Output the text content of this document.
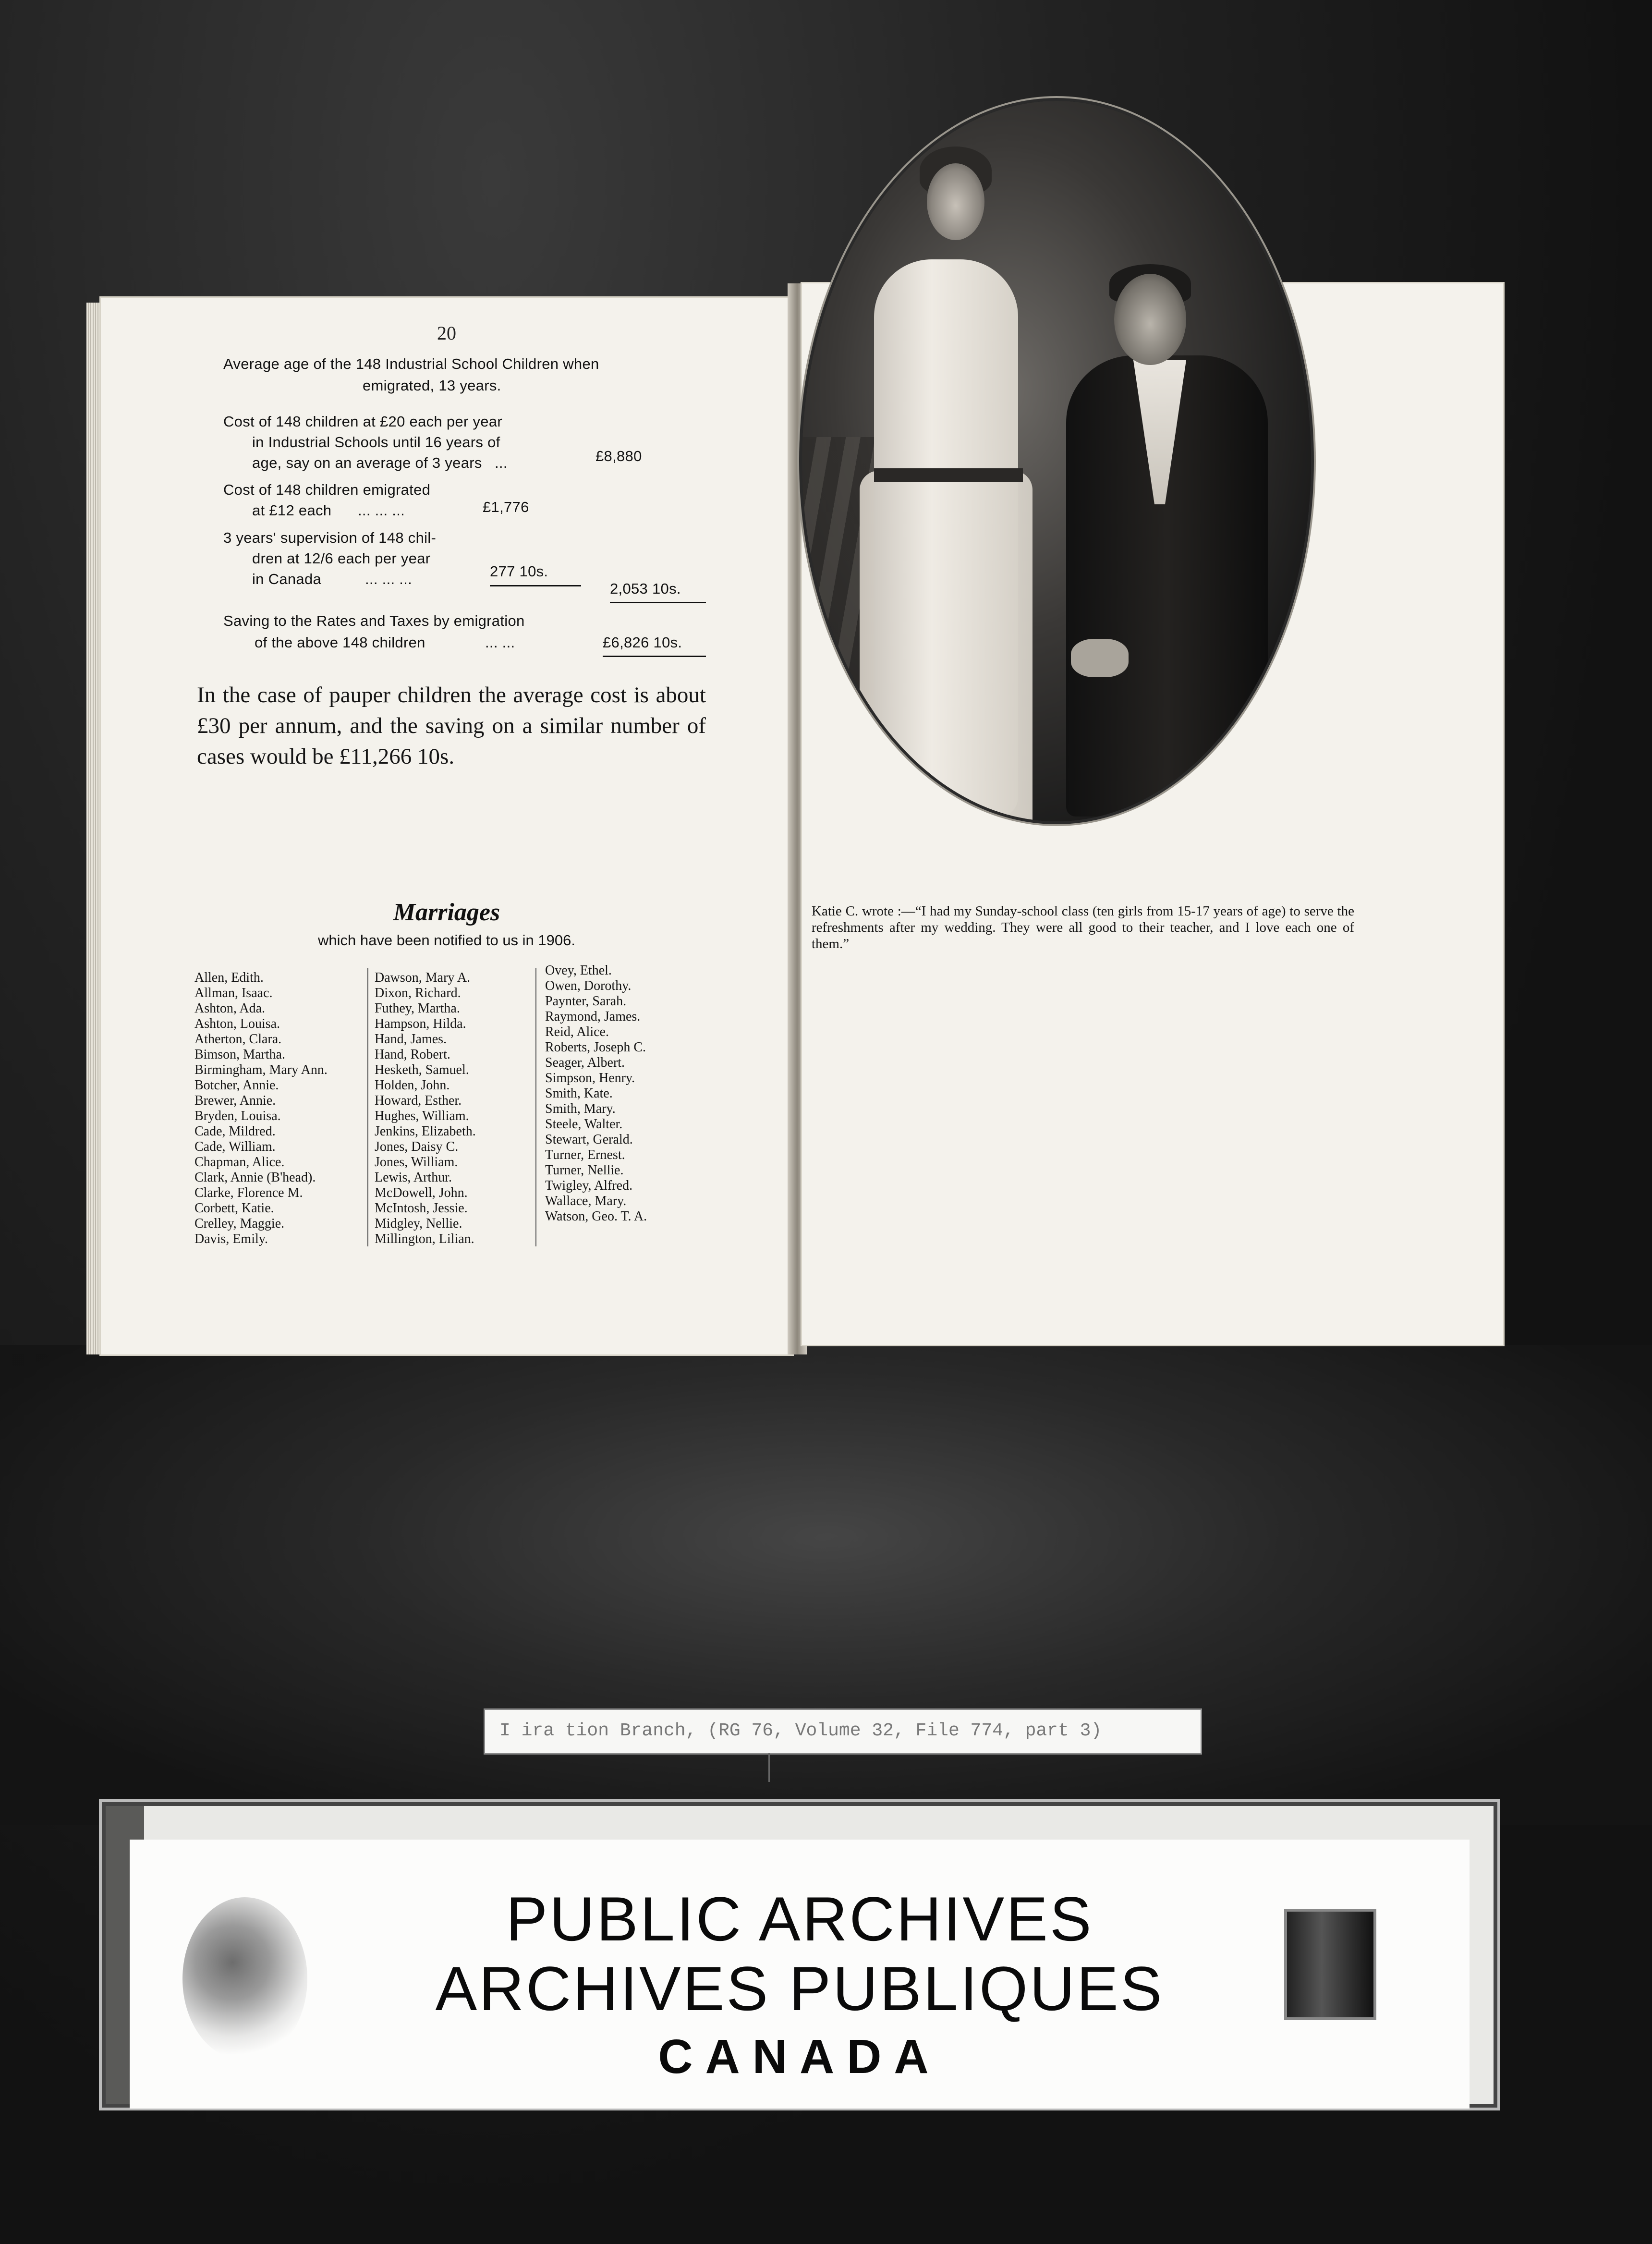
20
Average age of the 148 Industrial School Children when
emigrated, 13 years.
Cost of 148 children at £20 each per year
in Industrial Schools until 16 years of
age, say on an average of 3 years ...	£8,880
Cost of 148 children emigrated
at £12 each ... ... ...	£1,776
3 years' supervision of 148 chil-
dren at 12/6 each per year
in Canada	... ... ...	277 10s.
2,053 10s.
Saving to the Rates and Taxes by emigration
of the above 148 children	... ...	£6,826 10s.
In the case of pauper children the average cost is about £30 per annum, and the saving on a similar number of cases would be £11,266 10s.
Marriages
which have been notified to us in 1906.
Allen, Edith.
Allman, Isaac.
Ashton, Ada.
Ashton, Louisa.
Atherton, Clara.
Bimson, Martha.
Birmingham, Mary Ann.
Botcher, Annie.
Brewer, Annie.
Bryden, Louisa.
Cade, Mildred.
Cade, William.
Chapman, Alice.
Clark, Annie (B'head).
Clarke, Florence M.
Corbett, Katie.
Crelley, Maggie.
Davis, Emily.
Dawson, Mary A.
Dixon, Richard.
Futhey, Martha.
Hampson, Hilda.
Hand, James.
Hand, Robert.
Hesketh, Samuel.
Holden, John.
Howard, Esther.
Hughes, William.
Jenkins, Elizabeth.
Jones, Daisy C.
Jones, William.
Lewis, Arthur.
McDowell, John.
McIntosh, Jessie.
Midgley, Nellie.
Millington, Lilian.
Ovey, Ethel.
Owen, Dorothy.
Paynter, Sarah.
Raymond, James.
Reid, Alice.
Roberts, Joseph C.
Seager, Albert.
Simpson, Henry.
Smith, Kate.
Smith, Mary.
Steele, Walter.
Stewart, Gerald.
Turner, Ernest.
Turner, Nellie.
Twigley, Alfred.
Wallace, Mary.
Watson, Geo. T. A.
Katie C. wrote :—“I had my Sunday-school class (ten girls from 15-17 years of age) to serve the refreshments after my wedding. They were all good to their teacher, and I love each one of them.”
I ira tion Branch, (RG 76, Volume 32, File 774, part 3)
PUBLIC ARCHIVES
ARCHIVES PUBLIQUES
CANADA
